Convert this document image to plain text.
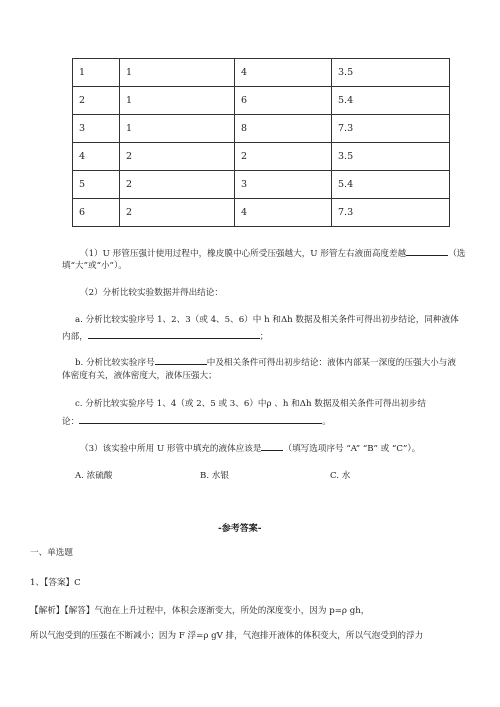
1	1	4	3.5
2	1	6	5.4
3	1	8	7.3
4	2	2	3.5
5	2	3	5.4
6	2	4	7.3
（1）U 形管压强计使用过程中，橡皮膜中心所受压强越大，U 形管左右液面高度差越	（选
填“大”或“小”）。
（2）分析比较实验数据并得出结论：
a. 分析比较实验序号 1、2、3（或 4、5、6）中 h 和Δh 数据及相关条件可得出初步结论，同种液体
内部，	；
b. 分析比较实验序号	中及相关条件可得出初步结论：液体内部某一深度的压强大小与液
体密度有关，液体密度大，液体压强大；
c. 分析比较实验序号 1、4（或 2、5 或 3、6）中ρ 、h 和Δh 数据及相关条件可得出初步结
论：	。
（3）该实验中所用 U 形管中填充的液体应该是	（填写选项序号 “A” “B” 或 “C”）。
A. 浓硫酸	B. 水银	C. 水
-参考答案-
一、单选题
1、【答案】C
【解析】【解答】气泡在上升过程中，体积会逐渐变大，所处的深度变小，因为 p=ρ gh，
所以气泡受到的压强在不断减小；因为 F 浮=ρ gV 排，气泡排开液体的体积变大，所以气泡受到的浮力
